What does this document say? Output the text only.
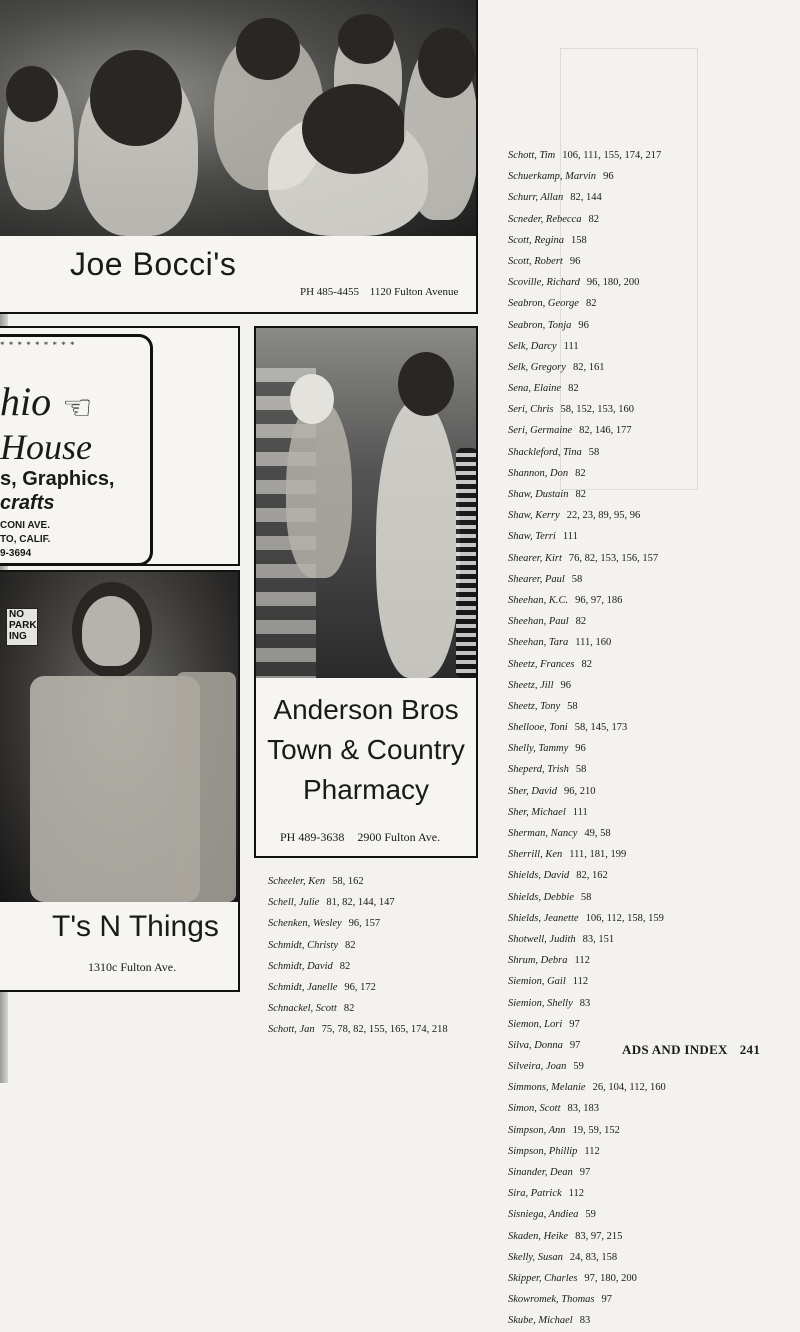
Joe Bocci's
PH 485-4455 1120 Fulton Avenue
* * * * * * * * *
hio ☜
House
s, Graphics,
crafts
CONI AVE.
TO, CALIF.
9-3694
NO
PARK
ING
T's N Things
1310c Fulton Ave.
Anderson Bros
Town & Country
Pharmacy
PH 489-3638 2900 Fulton Ave.
Schott, Tim 106, 111, 155, 174, 217
Schuerkamp, Marvin 96
Schurr, Allan 82, 144
Scneder, Rebecca 82
Scott, Regina 158
Scott, Robert 96
Scoville, Richard 96, 180, 200
Seabron, George 82
Seabron, Tonja 96
Selk, Darcy 111
Selk, Gregory 82, 161
Sena, Elaine 82
Seri, Chris 58, 152, 153, 160
Seri, Germaine 82, 146, 177
Shackleford, Tina 58
Shannon, Don 82
Shaw, Dustain 82
Shaw, Kerry 22, 23, 89, 95, 96
Shaw, Terri 111
Shearer, Kirt 76, 82, 153, 156, 157
Shearer, Paul 58
Sheehan, K.C. 96, 97, 186
Sheehan, Paul 82
Sheehan, Tara 111, 160
Sheetz, Frances 82
Sheetz, Jill 96
Sheetz, Tony 58
Shellooe, Toni 58, 145, 173
Shelly, Tammy 96
Sheperd, Trish 58
Sher, David 96, 210
Sher, Michael 111
Sherman, Nancy 49, 58
Sherrill, Ken 111, 181, 199
Shields, David 82, 162
Shields, Debbie 58
Shields, Jeanette 106, 112, 158, 159
Shotwell, Judith 83, 151
Shrum, Debra 112
Siemion, Gail 112
Siemion, Shelly 83
Siemon, Lori 97
Silva, Donna 97
Silveira, Joan 59
Simmons, Melanie 26, 104, 112, 160
Simon, Scott 83, 183
Simpson, Ann 19, 59, 152
Simpson, Phillip 112
Sinander, Dean 97
Sira, Patrick 112
Sisniega, Andiea 59
Skaden, Heike 83, 97, 215
Skelly, Susan 24, 83, 158
Skipper, Charles 97, 180, 200
Skowromek, Thomas 97
Skube, Michael 83
Scheeler, Ken 58, 162
Schell, Julie 81, 82, 144, 147
Schenken, Wesley 96, 157
Schmidt, Christy 82
Schmidt, David 82
Schmidt, Janelle 96, 172
Schnackel, Scott 82
Schott, Jan 75, 78, 82, 155, 165, 174, 218
ADS AND INDEX 241
